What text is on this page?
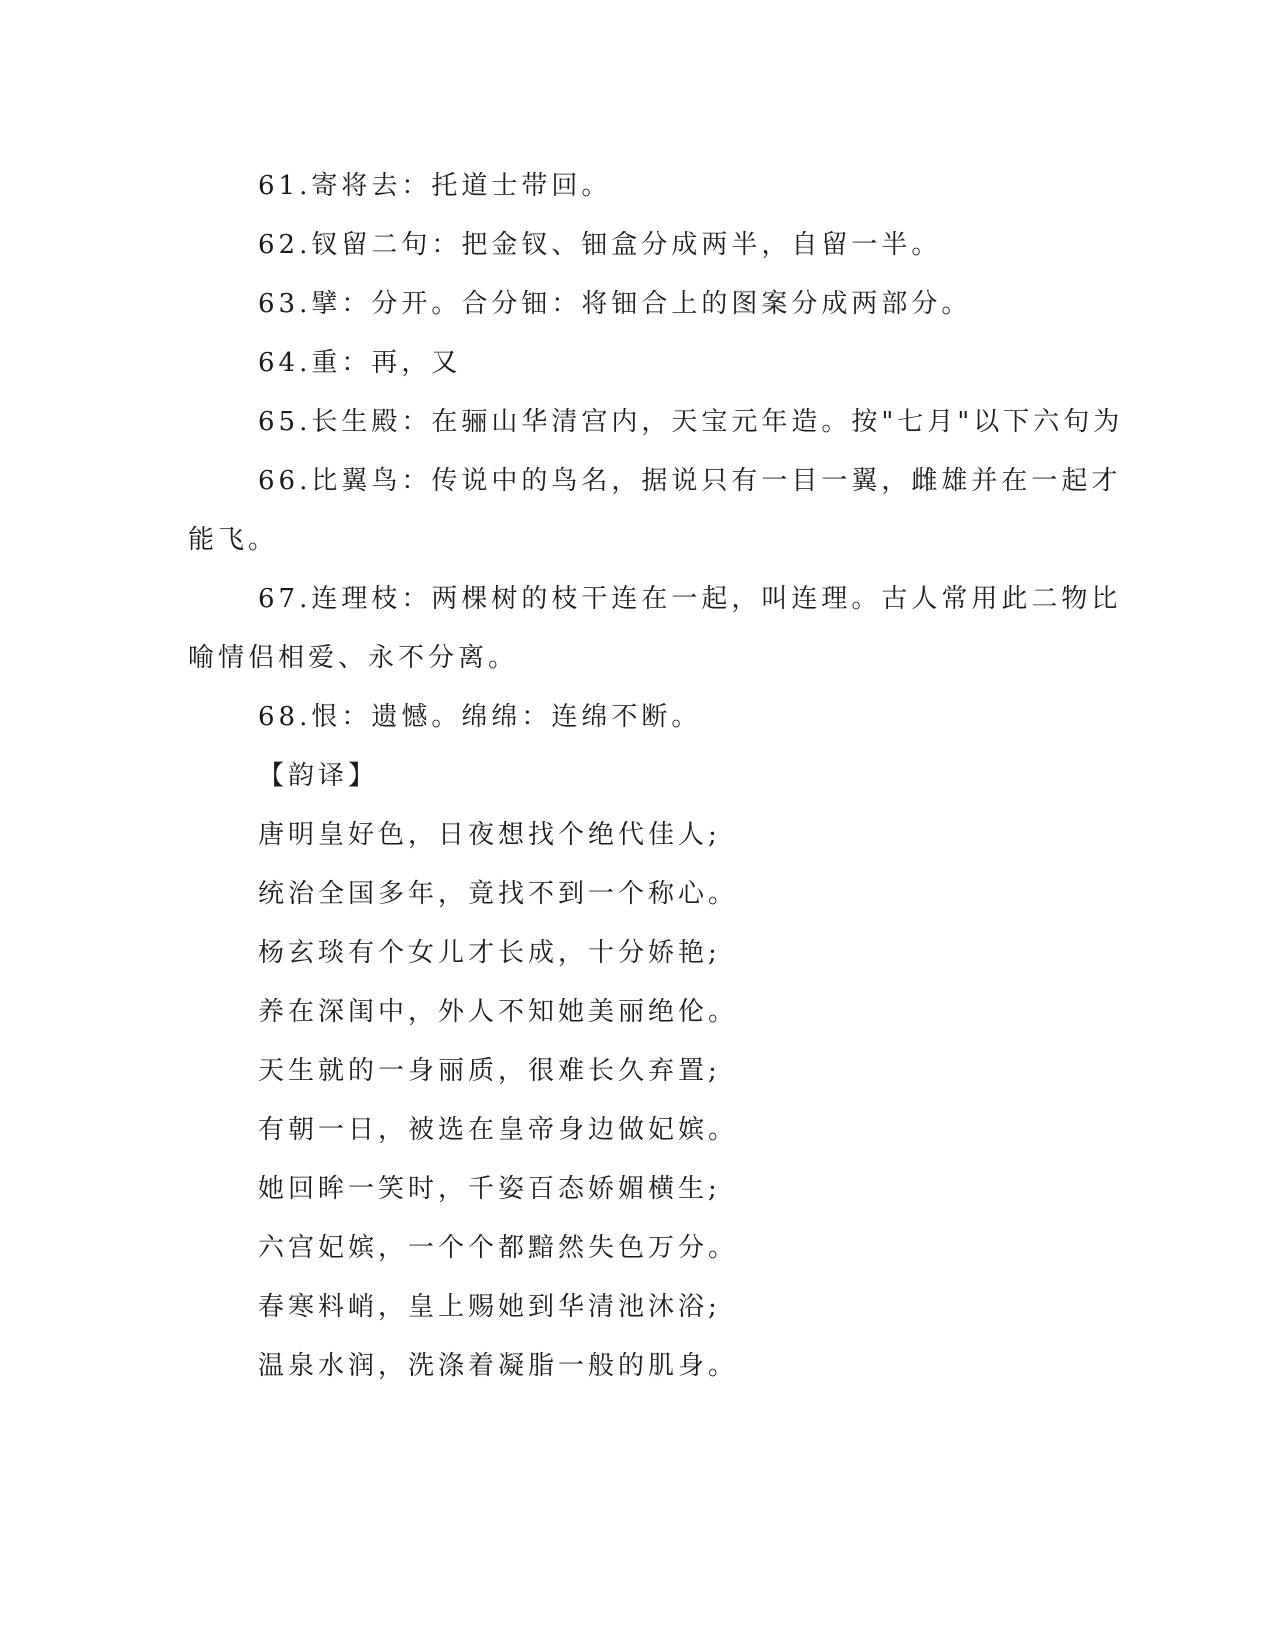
61.寄将去：托道士带回。
62.钗留二句：把金钗、钿盒分成两半，自留一半。
63.擘：分开。合分钿：将钿合上的图案分成两部分。
64.重：再，又
65.长生殿：在骊山华清宫内，天宝元年造。按"七月"以下六句为
66.比翼鸟：传说中的鸟名，据说只有一目一翼，雌雄并在一起才
能飞。
67.连理枝：两棵树的枝干连在一起，叫连理。古人常用此二物比
喻情侣相爱、永不分离。
68.恨：遗憾。绵绵：连绵不断。
【韵译】
唐明皇好色，日夜想找个绝代佳人;
统治全国多年，竟找不到一个称心。
杨玄琰有个女儿才长成，十分娇艳;
养在深闺中，外人不知她美丽绝伦。
天生就的一身丽质，很难长久弃置;
有朝一日，被选在皇帝身边做妃嫔。
她回眸一笑时，千姿百态娇媚横生;
六宫妃嫔，一个个都黯然失色万分。
春寒料峭，皇上赐她到华清池沐浴;
温泉水润，洗涤着凝脂一般的肌身。
